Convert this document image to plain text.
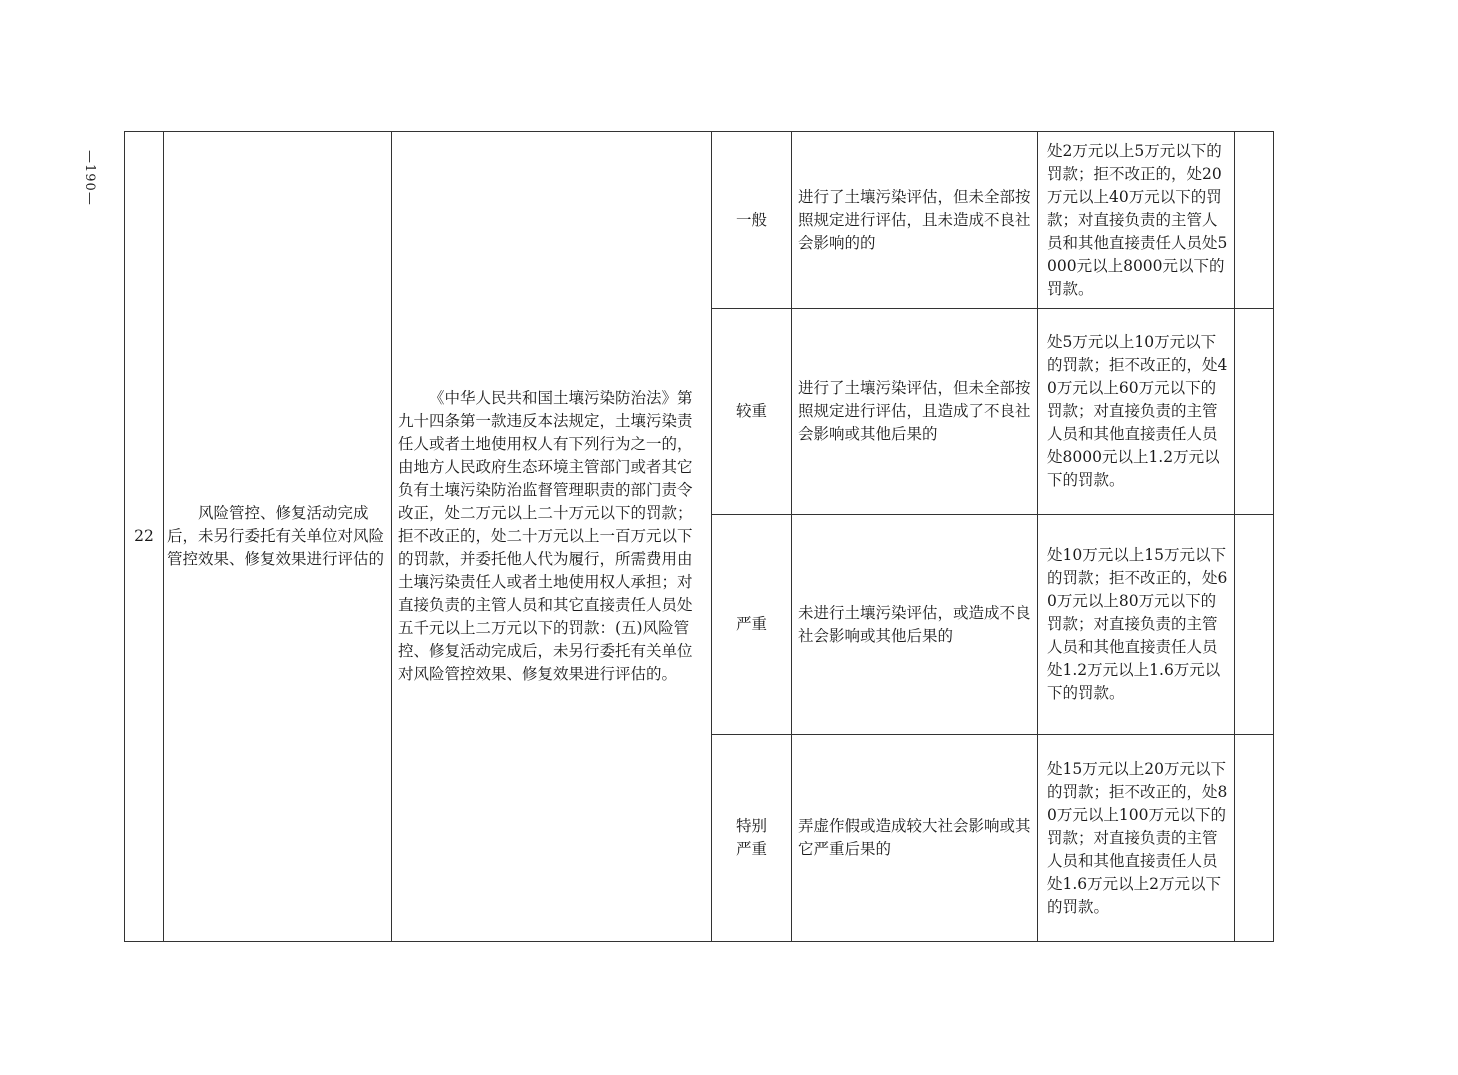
—190—
22	风险管控、修复活动完成后，未另行委托有关单位对风险管控效果、修复效果进行评估的	《中华人民共和国土壤污染防治法》第九十四条第一款违反本法规定，土壤污染责任人或者土地使用权人有下列行为之一的，由地方人民政府生态环境主管部门或者其它负有土壤污染防治监督管理职责的部门责令改正，处二万元以上二十万元以下的罚款；拒不改正的，处二十万元以上一百万元以下的罚款，并委托他人代为履行，所需费用由土壤污染责任人或者土地使用权人承担；对直接负责的主管人员和其它直接责任人员处五千元以上二万元以下的罚款：(五)风险管控、修复活动完成后，未另行委托有关单位对风险管控效果、修复效果进行评估的。	一般	进行了土壤污染评估，但未全部按照规定进行评估，且未造成不良社会影响的的	处2万元以上5万元以下的罚款；拒不改正的，处20万元以上40万元以下的罚款；对直接负责的主管人员和其他直接责任人员处5000元以上8000元以下的罚款。	
			较重	进行了土壤污染评估，但未全部按照规定进行评估，且造成了不良社会影响或其他后果的	处5万元以上10万元以下的罚款；拒不改正的，处40万元以上60万元以下的罚款；对直接负责的主管人员和其他直接责任人员处8000元以上1.2万元以下的罚款。	
			严重	未进行土壤污染评估，或造成不良社会影响或其他后果的	处10万元以上15万元以下的罚款；拒不改正的，处60万元以上80万元以下的罚款；对直接负责的主管人员和其他直接责任人员处1.2万元以上1.6万元以下的罚款。	
			特别严重	弄虚作假或造成较大社会影响或其它严重后果的	处15万元以上20万元以下的罚款；拒不改正的，处80万元以上100万元以下的罚款；对直接负责的主管人员和其他直接责任人员处1.6万元以上2万元以下的罚款。	
